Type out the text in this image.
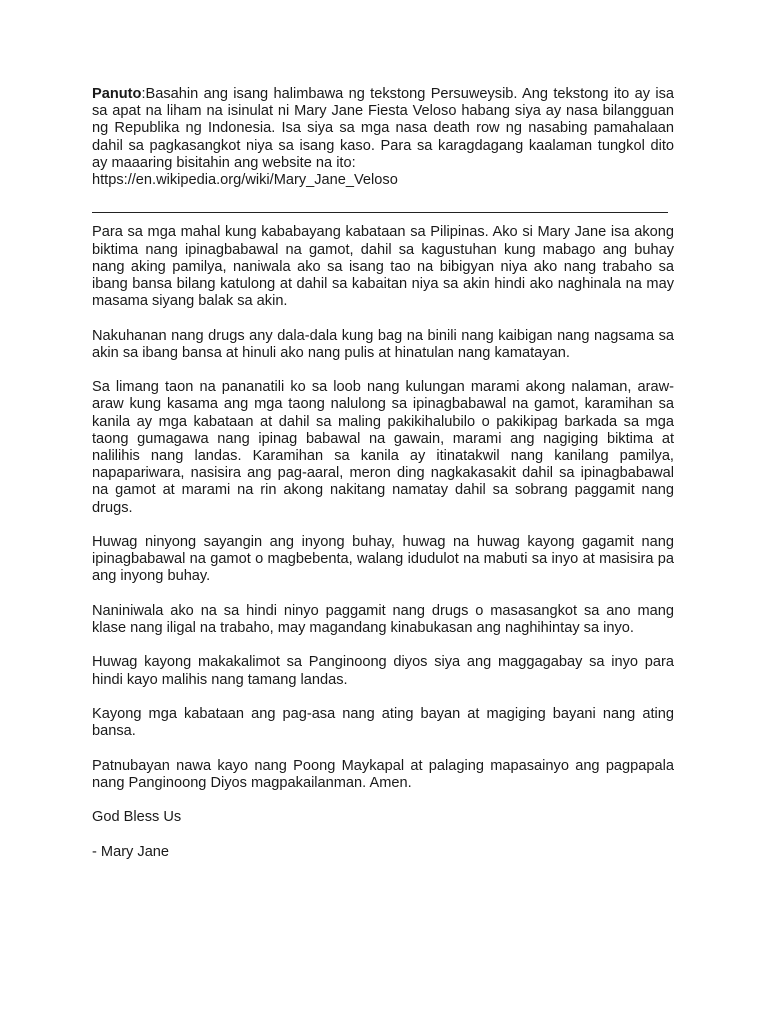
Panuto:Basahin ang isang halimbawa ng tekstong Persuweysib. Ang tekstong ito ay isa sa apat na liham na isinulat ni Mary Jane Fiesta Veloso habang siya ay nasa bilangguan ng Republika ng Indonesia. Isa siya sa mga nasa death row ng nasabing pamahalaan dahil sa pagkasangkot niya sa isang kaso. Para sa karagdagang kaalaman tungkol dito ay maaaring bisitahin ang website na ito:
https://en.wikipedia.org/wiki/Mary_Jane_Veloso

Para sa mga mahal kung kababayang kabataan sa Pilipinas. Ako si Mary Jane isa akong biktima nang ipinagbabawal na gamot, dahil sa kagustuhan kung mabago ang buhay nang aking pamilya, naniwala ako sa isang tao na bibigyan niya ako nang trabaho sa ibang bansa bilang katulong at dahil sa kabaitan niya sa akin hindi ako naghinala na may masama siyang balak sa akin.

Nakuhanan nang drugs any dala-dala kung bag na binili nang kaibigan nang nagsama sa akin sa ibang bansa at hinuli ako nang pulis at hinatulan nang kamatayan.

Sa limang taon na pananatili ko sa loob nang kulungan marami akong nalaman, araw-araw kung kasama ang mga taong nalulong sa ipinagbabawal na gamot, karamihan sa kanila ay mga kabataan at dahil sa maling pakikihalubilo o pakikipag barkada sa mga taong gumagawa nang ipinag babawal na gawain, marami ang nagiging biktima at nalilihis nang landas. Karamihan sa kanila ay itinatakwil nang kanilang pamilya, napapariwara, nasisira ang pag-aaral, meron ding nagkakasakit dahil sa ipinagbabawal na gamot at marami na rin akong nakitang namatay dahil sa sobrang paggamit nang drugs.

Huwag ninyong sayangin ang inyong buhay, huwag na huwag kayong gagamit nang ipinagbabawal na gamot o magbebenta, walang idudulot na mabuti sa inyo at masisira pa ang inyong buhay.

Naniniwala ako na sa hindi ninyo paggamit nang drugs o masasangkot sa ano mang klase nang iligal na trabaho, may magandang kinabukasan ang naghihintay sa inyo.

Huwag kayong makakalimot sa Panginoong diyos siya ang maggagabay sa inyo para hindi kayo malihis nang tamang landas.

Kayong mga kabataan ang pag-asa nang ating bayan at magiging bayani nang ating bansa.

Patnubayan nawa kayo nang Poong Maykapal at palaging mapasainyo ang pagpapala nang Panginoong Diyos magpakailanman. Amen.

God Bless Us

- Mary Jane
